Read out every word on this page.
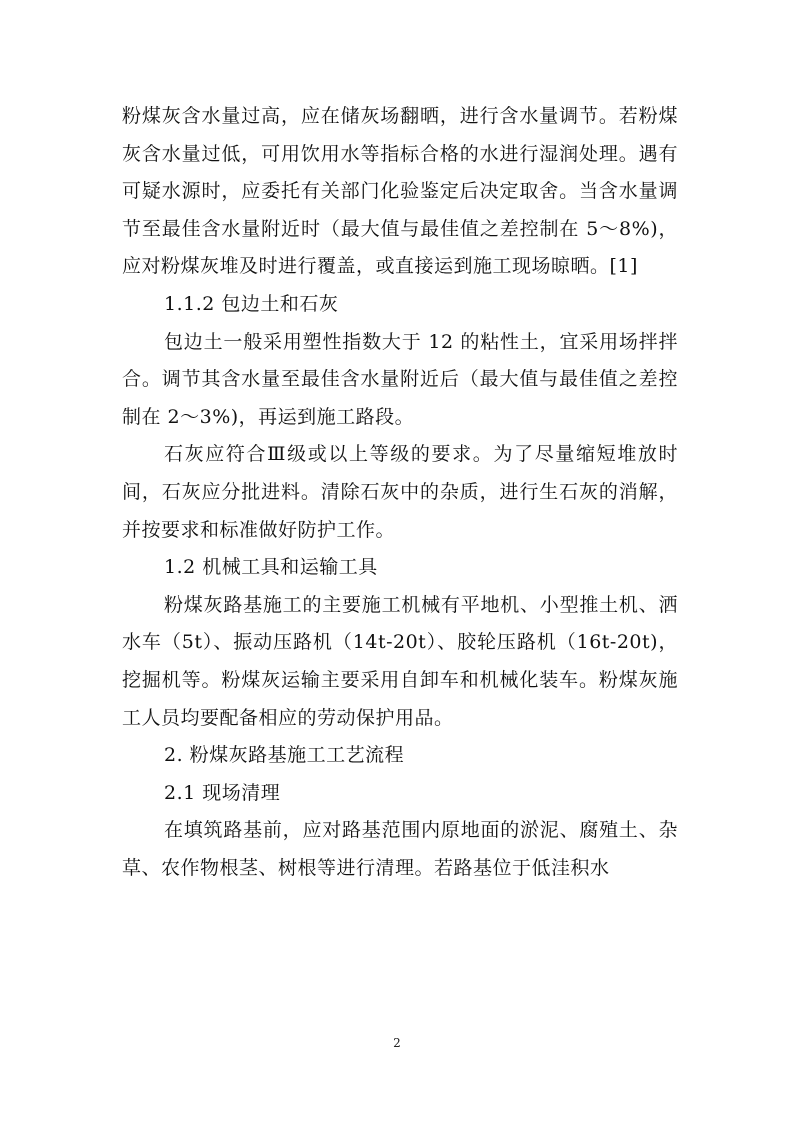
粉煤灰含水量过高，应在储灰场翻晒，进行含水量调节。若粉煤灰含水量过低，可用饮用水等指标合格的水进行湿润处理。遇有可疑水源时，应委托有关部门化验鉴定后决定取舍。当含水量调节至最佳含水量附近时（最大值与最佳值之差控制在 5～8%)，应对粉煤灰堆及时进行覆盖，或直接运到施工现场晾晒。[1]

1.1.2 包边土和石灰

包边土一般采用塑性指数大于 12 的粘性土，宜采用场拌拌合。调节其含水量至最佳含水量附近后（最大值与最佳值之差控制在 2～3%)，再运到施工路段。

石灰应符合Ⅲ级或以上等级的要求。为了尽量缩短堆放时间，石灰应分批进料。清除石灰中的杂质，进行生石灰的消解，并按要求和标准做好防护工作。

1.2 机械工具和运输工具

粉煤灰路基施工的主要施工机械有平地机、小型推土机、洒水车（5t）、振动压路机（14t-20t）、胶轮压路机（16t-20t)，挖掘机等。粉煤灰运输主要采用自卸车和机械化装车。粉煤灰施工人员均要配备相应的劳动保护用品。

2. 粉煤灰路基施工工艺流程

2.1 现场清理

在填筑路基前，应对路基范围内原地面的淤泥、腐殖土、杂草、农作物根茎、树根等进行清理。若路基位于低洼积水

2
